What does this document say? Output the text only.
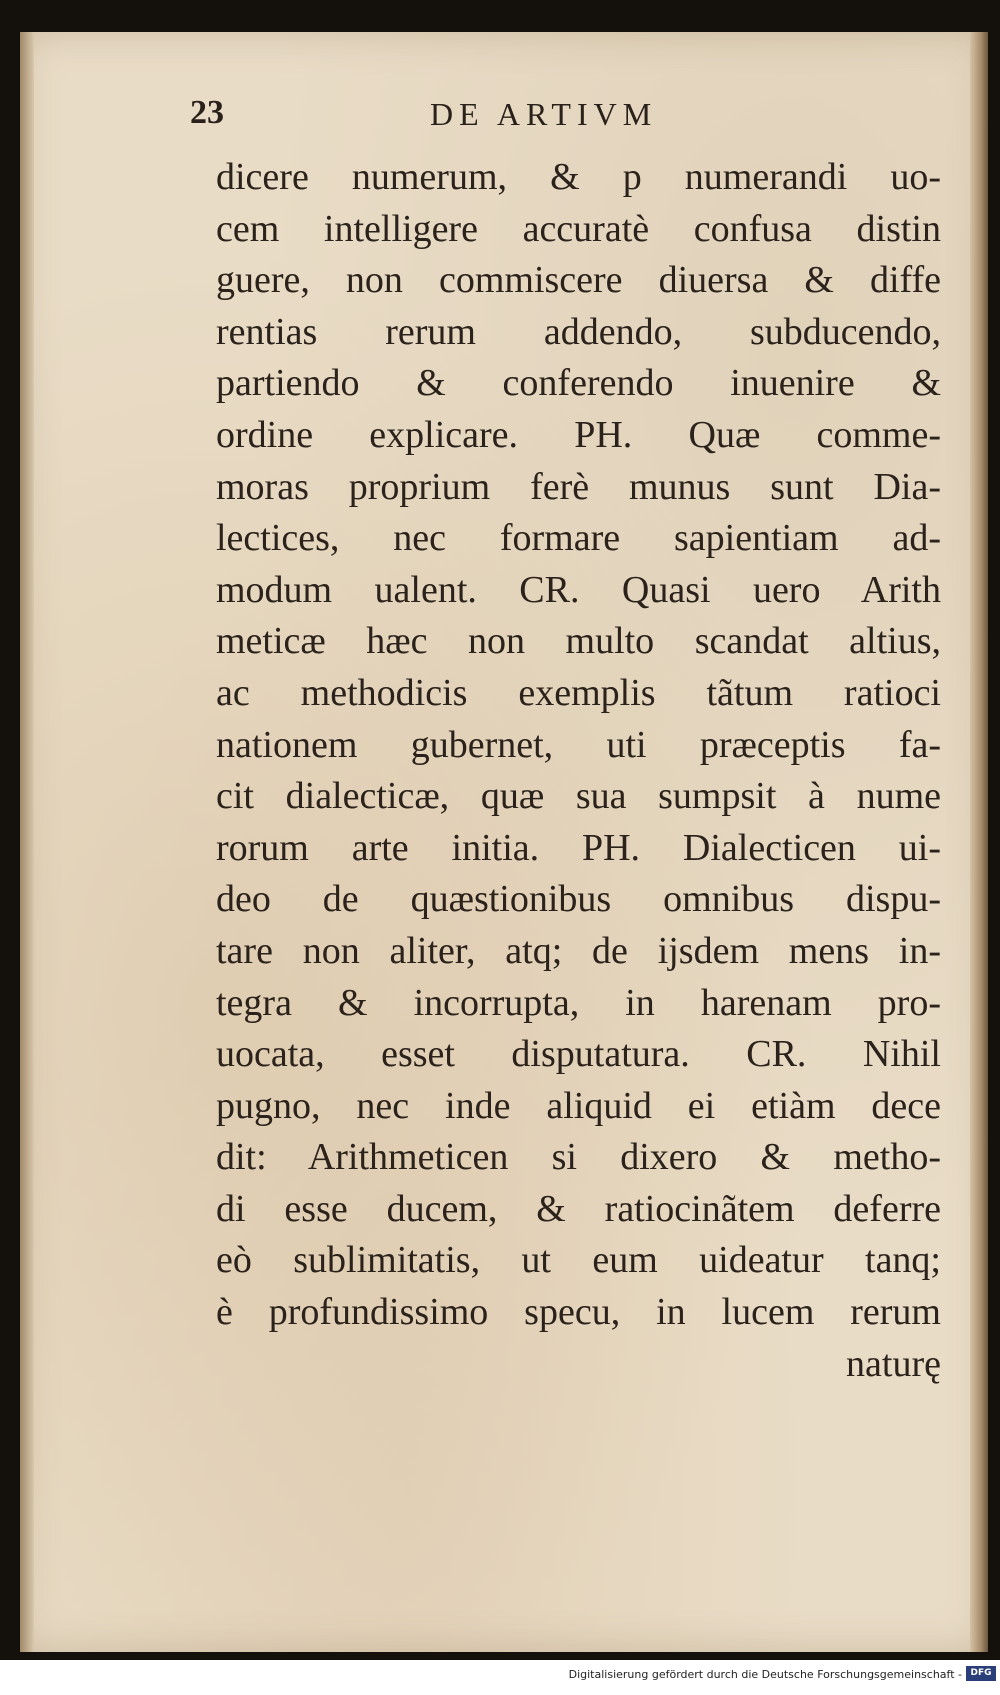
23	DE ARTIVM
dicere numerum, & p numerandi uo-
cem intelligere accuratè confusa distin
guere, non commiscere diuersa & diffe
rentias rerum addendo, subducendo,
partiendo & conferendo inuenire &
ordine explicare. PH. Quæ comme-
moras proprium ferè munus sunt Dia-
lectices, nec formare sapientiam ad-
modum ualent. CR. Quasi uero Arith
meticæ hæc non multo scandat altius,
ac methodicis exemplis tãtum ratioci
nationem gubernet, uti præceptis fa-
cit dialecticæ, quæ sua sumpsit à nume
rorum arte initia. PH. Dialecticen ui-
deo de quæstionibus omnibus dispu-
tare non aliter, atq; de ijsdem mens in-
tegra & incorrupta, in harenam pro-
uocata, esset disputatura. CR. Nihil
pugno, nec inde aliquid ei etiàm dece
dit: Arithmeticen si dixero & metho-
di esse ducem, & ratiocinãtem deferre
eò sublimitatis, ut eum uideatur tanq;
è profundissimo specu, in lucem rerum
naturę
Digitalisierung gefördert durch die Deutsche Forschungsgemeinschaft - DFG
